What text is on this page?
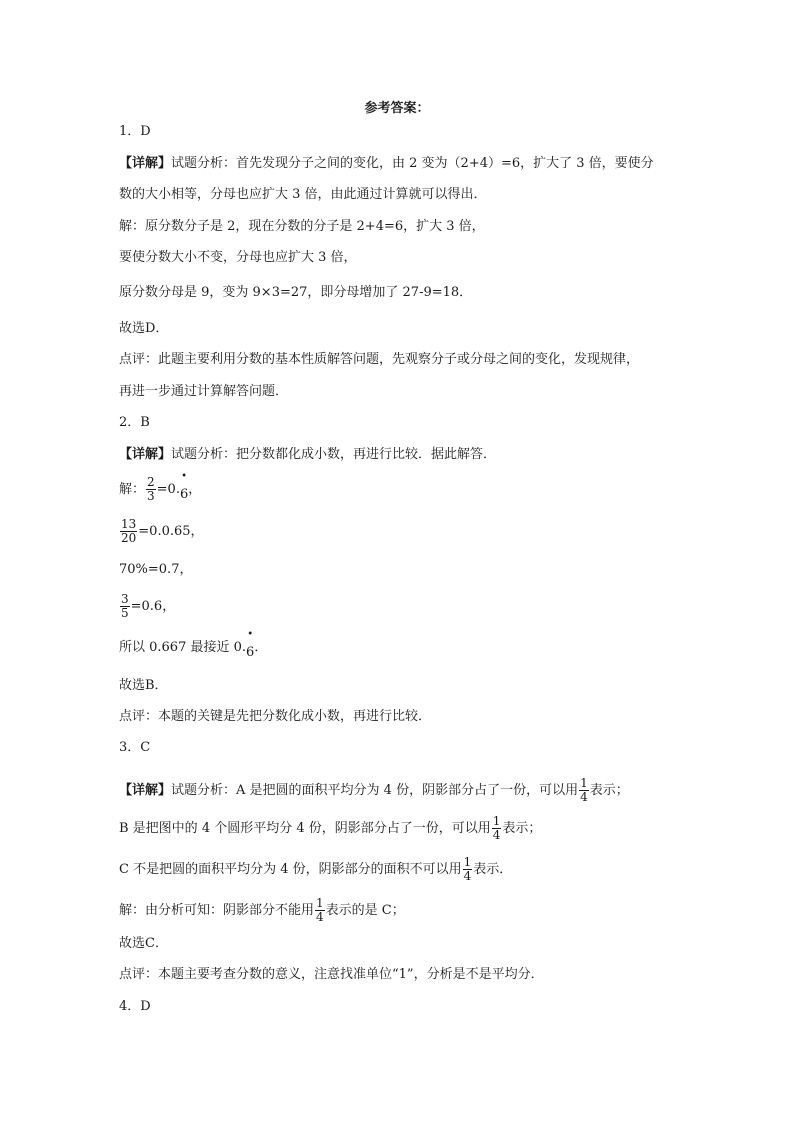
参考答案：
1．D
【详解】试题分析：首先发现分子之间的变化，由 2 变为（2+4）=6，扩大了 3 倍，要使分
数的大小相等，分母也应扩大 3 倍，由此通过计算就可以得出．
解：原分数分子是 2，现在分数的分子是 2+4=6，扩大 3 倍，
要使分数大小不变，分母也应扩大 3 倍，
原分数分母是 9，变为 9×3=27，即分母增加了 27-9=18．
故选D．
点评：此题主要利用分数的基本性质解答问题，先观察分子或分母之间的变化，发现规律，
再进一步通过计算解答问题．
2．B
【详解】试题分析：把分数都化成小数，再进行比较．据此解答．
解： $\frac{2}{3} =0$.
•
6，
$\frac{13}{20} =0.0.65$，
70%=0.7，
$\frac{3}{5} =0.6$，
所以 0.667 最接近 0.
•
6．
故选B．
点评：本题的关键是先把分数化成小数，再进行比较．
3．C
【详解】试题分析：A 是把圆的面积平均分为 4 份，阴影部分占了一份，可以用 $\frac{1}{4}$ 表示；
B 是把图中的 4 个圆形平均分 4 份，阴影部分占了一份，可以用 $\frac{1}{4}$ 表示；
C 不是把圆的面积平均分为 4 份，阴影部分的面积不可以用 $\frac{1}{4}$ 表示．
解：由分析可知：阴影部分不能用 $\frac{1}{4}$ 表示的是 C；
故选C．
点评：本题主要考查分数的意义，注意找准单位“1”，分析是不是平均分．
4．D
